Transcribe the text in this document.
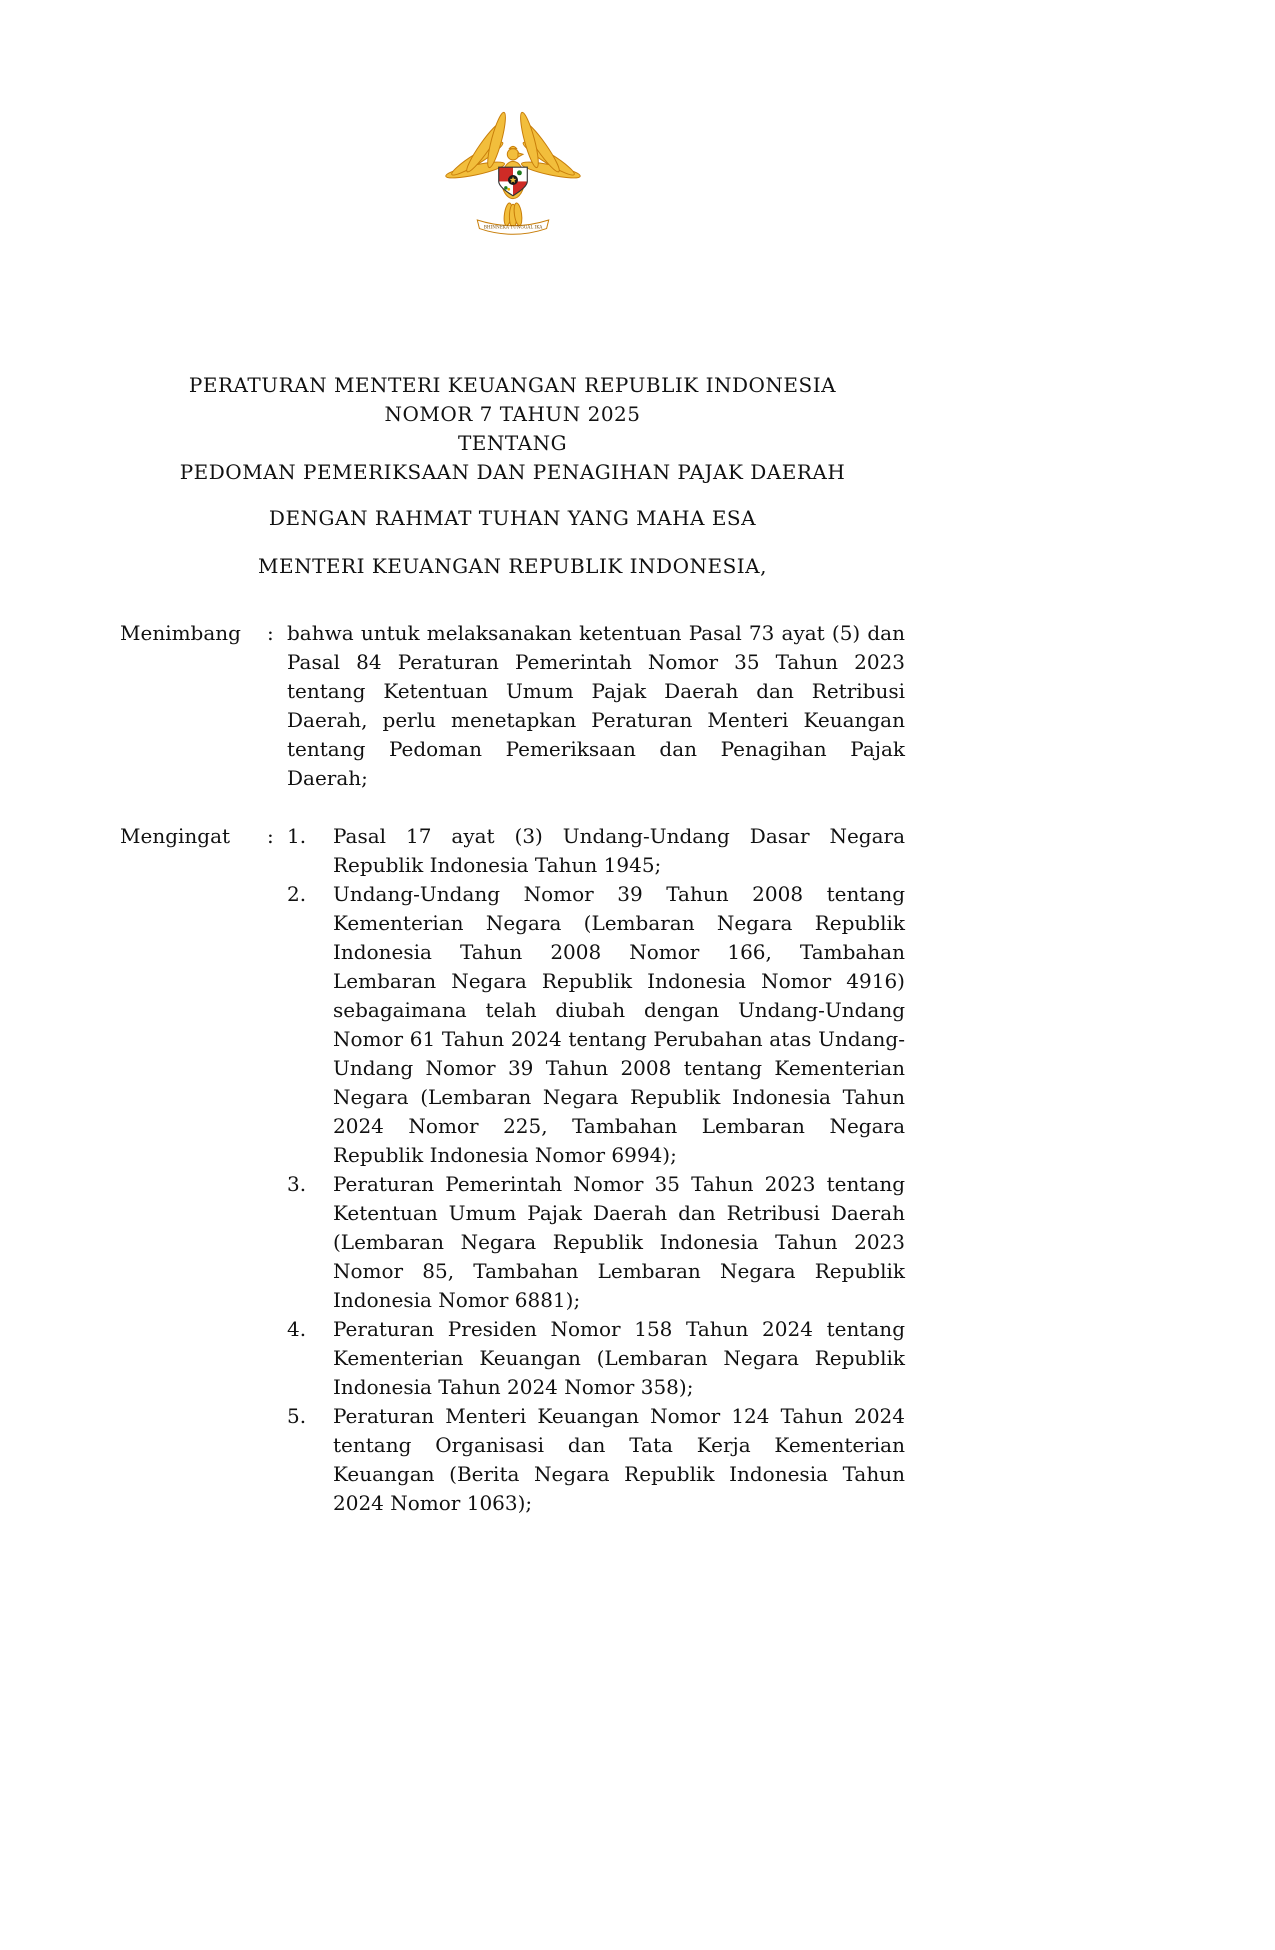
BHINNEKA TUNGGAL IKA
PERATURAN MENTERI KEUANGAN REPUBLIK INDONESIA
NOMOR 7 TAHUN 2025
TENTANG
PEDOMAN PEMERIKSAAN DAN PENAGIHAN PAJAK DAERAH
DENGAN RAHMAT TUHAN YANG MAHA ESA
MENTERI KEUANGAN REPUBLIK INDONESIA,
Menimbang	: bahwa untuk melaksanakan ketentuan Pasal 73 ayat (5) dan Pasal 84 Peraturan Pemerintah Nomor 35 Tahun 2023 tentang Ketentuan Umum Pajak Daerah dan Retribusi Daerah, perlu menetapkan Peraturan Menteri Keuangan tentang Pedoman Pemeriksaan dan Penagihan Pajak Daerah;
Mengingat	: 1.	Pasal 17 ayat (3) Undang-Undang Dasar Negara Republik Indonesia Tahun 1945;
2.	Undang-Undang Nomor 39 Tahun 2008 tentang Kementerian Negara (Lembaran Negara Republik Indonesia Tahun 2008 Nomor 166, Tambahan Lembaran Negara Republik Indonesia Nomor 4916) sebagaimana telah diubah dengan Undang-Undang Nomor 61 Tahun 2024 tentang Perubahan atas Undang-Undang Nomor 39 Tahun 2008 tentang Kementerian Negara (Lembaran Negara Republik Indonesia Tahun 2024 Nomor 225, Tambahan Lembaran Negara Republik Indonesia Nomor 6994);
3.	Peraturan Pemerintah Nomor 35 Tahun 2023 tentang Ketentuan Umum Pajak Daerah dan Retribusi Daerah (Lembaran Negara Republik Indonesia Tahun 2023 Nomor 85, Tambahan Lembaran Negara Republik Indonesia Nomor 6881);
4.	Peraturan Presiden Nomor 158 Tahun 2024 tentang Kementerian Keuangan (Lembaran Negara Republik Indonesia Tahun 2024 Nomor 358);
5.	Peraturan Menteri Keuangan Nomor 124 Tahun 2024 tentang Organisasi dan Tata Kerja Kementerian Keuangan (Berita Negara Republik Indonesia Tahun 2024 Nomor 1063);
